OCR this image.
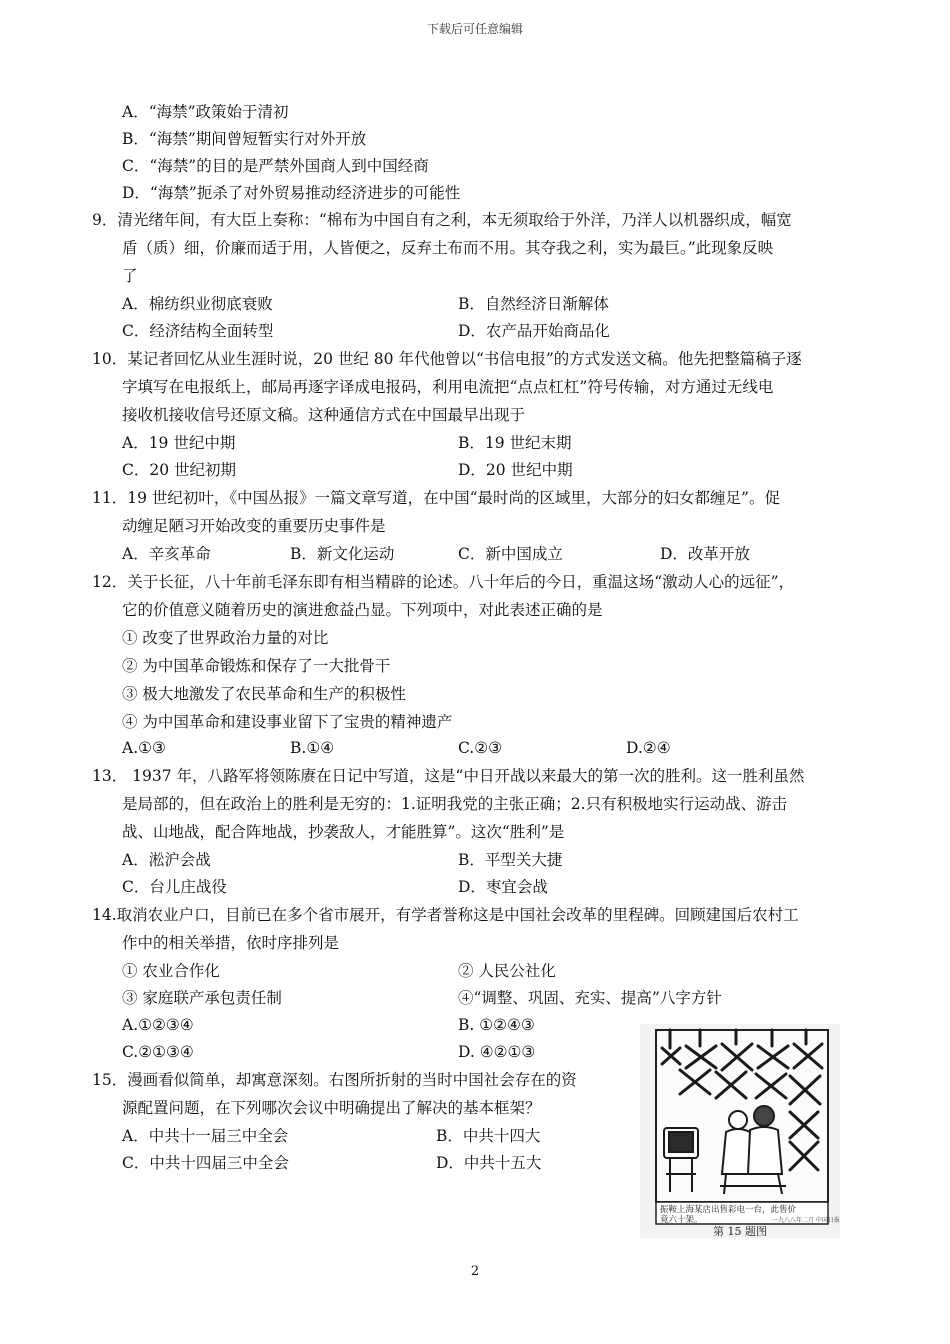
下载后可任意编辑
A．“海禁”政策始于清初
B．“海禁”期间曾短暂实行对外开放
C．“海禁”的目的是严禁外国商人到中国经商
D．“海禁”扼杀了对外贸易推动经济进步的可能性
9．清光绪年间，有大臣上奏称：“棉布为中国自有之利，本无须取给于外洋，乃洋人以机器织成，幅宽
盾（质）细，价廉而适于用，人皆便之，反弃土布而不用。其夺我之利，实为最巨。”此现象反映
了
A．棉纺织业彻底衰败	B．自然经济日渐解体
C．经济结构全面转型	D．农产品开始商品化
10．某记者回忆从业生涯时说，20 世纪 80 年代他曾以“书信电报”的方式发送文稿。他先把整篇稿子逐
字填写在电报纸上，邮局再逐字译成电报码，利用电流把“点点杠杠”符号传输，对方通过无线电
接收机接收信号还原文稿。这种通信方式在中国最早出现于
A．19 世纪中期	B．19 世纪末期
C．20 世纪初期	D．20 世纪中期
11．19 世纪初叶，《中国丛报》一篇文章写道，在中国“最时尚的区域里，大部分的妇女都缠足”。促
动缠足陋习开始改变的重要历史事件是
A．辛亥革命	B．新文化运动	C．新中国成立	D．改革开放
12．关于长征，八十年前毛泽东即有相当精辟的论述。八十年后的今日，重温这场“激动人心的远征”，
它的价值意义随着历史的演进愈益凸显。下列项中，对此表述正确的是
① 改变了世界政治力量的对比
② 为中国革命锻炼和保存了一大批骨干
③ 极大地激发了农民革命和生产的积极性
④ 为中国革命和建设事业留下了宝贵的精神遗产
A.①③	B.①④	C.②③	D.②④
13． 1937 年，八路军将领陈赓在日记中写道，这是“中日开战以来最大的第一次的胜利。这一胜利虽然
是局部的，但在政治上的胜利是无穷的：1.证明我党的主张正确；2.只有积极地实行运动战、游击
战、山地战，配合阵地战，抄袭敌人，才能胜算”。这次“胜利”是
A．淞沪会战	B．平型关大捷
C．台儿庄战役	D．枣宜会战
14.取消农业户口，目前已在多个省市展开，有学者誉称这是中国社会改革的里程碑。回顾建国后农村工
作中的相关举措，依时序排列是
① 农业合作化	② 人民公社化
③ 家庭联产承包责任制	④“调整、巩固、充实、提高”八字方针
A.①②③④	B. ①②④③
C.②①③④	D. ④②①③
15．漫画看似简单，却寓意深刻。右图所折射的当时中国社会存在的资
源配置问题，在下列哪次会议中明确提出了解决的基本框架？
A．中共十一届三中全会	B．中共十四大
C．中共十四届三中全会	D．中共十五大
振鞍上海某店出售彩电一台，此售价
竟六十架。	一九八八年二月 中国日报
第 15 题图
2
